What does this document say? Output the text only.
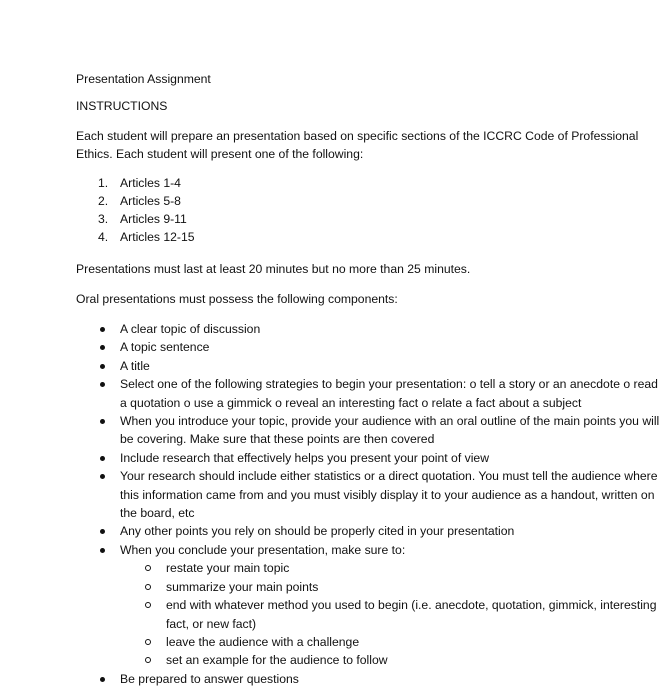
Presentation Assignment

INSTRUCTIONS

Each student will prepare an presentation based on specific sections of the ICCRC Code of Professional Ethics. Each student will present one of the following:

1. Articles 1-4
2. Articles 5-8
3. Articles 9-11
4. Articles 12-15

Presentations must last at least 20 minutes but no more than 25 minutes.

Oral presentations must possess the following components:

A clear topic of discussion
A topic sentence
A title
Select one of the following strategies to begin your presentation: o tell a story or an anecdote o read a quotation o use a gimmick o reveal an interesting fact o relate a fact about a subject
When you introduce your topic, provide your audience with an oral outline of the main points you will be covering. Make sure that these points are then covered
Include research that effectively helps you present your point of view
Your research should include either statistics or a direct quotation. You must tell the audience where this information came from and you must visibly display it to your audience as a handout, written on the board, etc
Any other points you rely on should be properly cited in your presentation
When you conclude your presentation, make sure to:
restate your main topic
summarize your main points
end with whatever method you used to begin (i.e. anecdote, quotation, gimmick, interesting fact, or new fact)
leave the audience with a challenge
set an example for the audience to follow
Be prepared to answer questions
